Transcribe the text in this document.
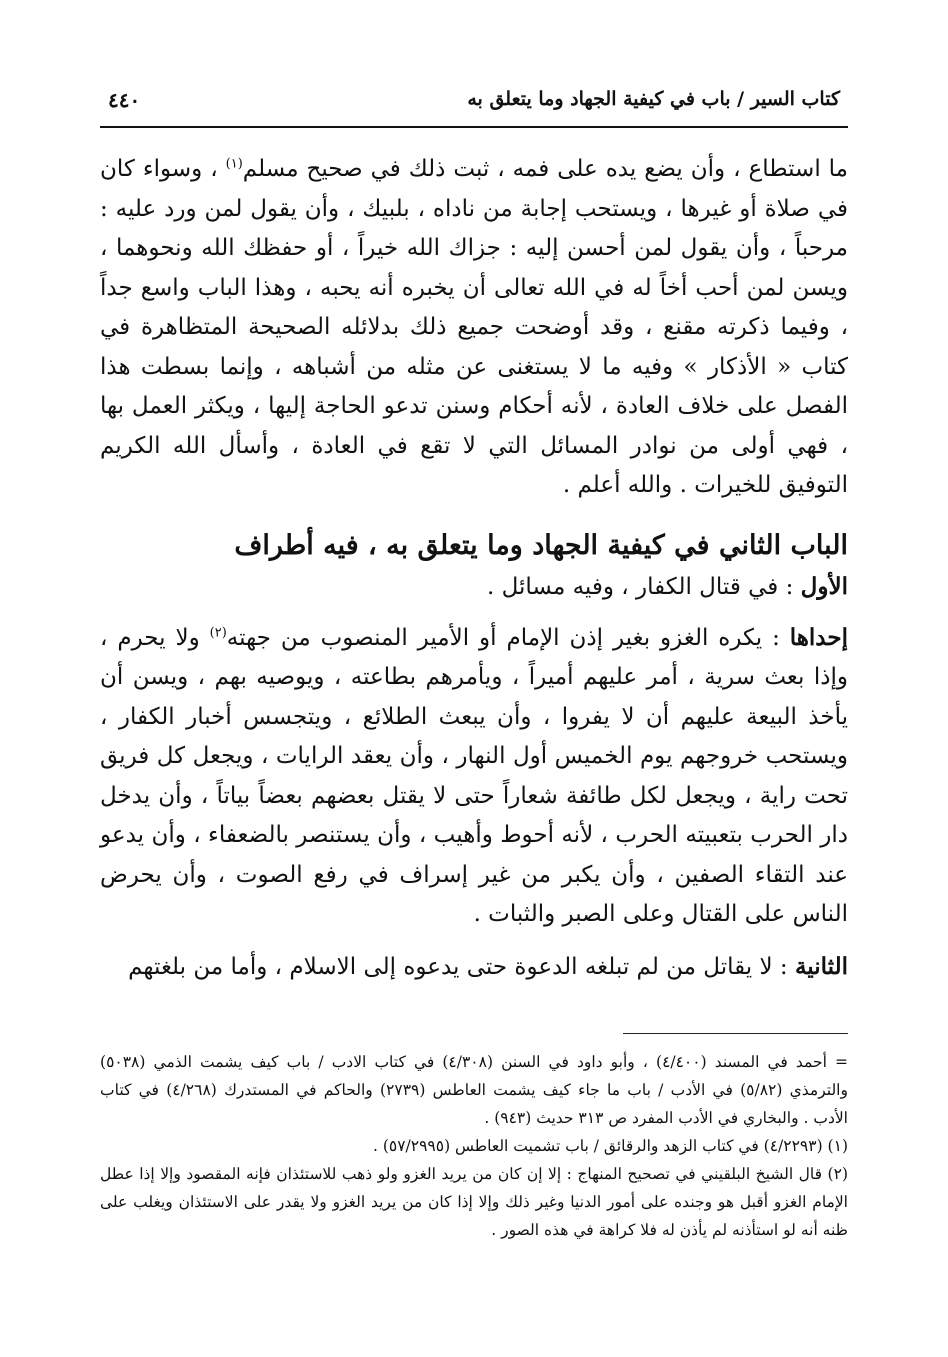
كتاب السير / باب في كيفية الجهاد وما يتعلق به
٤٤٠

ما استطاع ، وأن يضع يده على فمه ، ثبت ذلك في صحيح مسلم$^{(١)}$ ، وسواء كان في صلاة أو غيرها ، ويستحب إجابة من ناداه ، بلبيك ، وأن يقول لمن ورد عليه : مرحباً ، وأن يقول لمن أحسن إليه : جزاك الله خيراً ، أو حفظك الله ونحوهما ، ويسن لمن أحب أخاً له في الله تعالى أن يخبره أنه يحبه ، وهذا الباب واسع جداً ، وفيما ذكرته مقنع ، وقد أوضحت جميع ذلك بدلائله الصحيحة المتظاهرة في كتاب « الأذكار » وفيه ما لا يستغنى عن مثله من أشباهه ، وإنما بسطت هذا الفصل على خلاف العادة ، لأنه أحكام وسنن تدعو الحاجة إليها ، ويكثر العمل بها ، فهي أولى من نوادر المسائل التي لا تقع في العادة ، وأسأل الله الكريم التوفيق للخيرات . والله أعلم .

الباب الثاني في كيفية الجهاد وما يتعلق به ، فيه أطراف

الأول : في قتال الكفار ، وفيه مسائل .

إحداها : يكره الغزو بغير إذن الإمام أو الأمير المنصوب من جهته$^{(٢)}$ ولا يحرم ، وإذا بعث سرية ، أمر عليهم أميراً ، ويأمرهم بطاعته ، ويوصيه بهم ، ويسن أن يأخذ البيعة عليهم أن لا يفروا ، وأن يبعث الطلائع ، ويتجسس أخبار الكفار ، ويستحب خروجهم يوم الخميس أول النهار ، وأن يعقد الرايات ، ويجعل كل فريق تحت راية ، ويجعل لكل طائفة شعاراً حتى لا يقتل بعضهم بعضاً بياتاً ، وأن يدخل دار الحرب بتعبيته الحرب ، لأنه أحوط وأهيب ، وأن يستنصر بالضعفاء ، وأن يدعو عند التقاء الصفين ، وأن يكبر من غير إسراف في رفع الصوت ، وأن يحرض الناس على القتال وعلى الصبر والثبات .

الثانية : لا يقاتل من لم تبلغه الدعوة حتى يدعوه إلى الاسلام ، وأما من بلغتهم

= أحمد في المسند (٤/٤٠٠) ، وأبو داود في السنن (٤/٣٠٨) في كتاب الادب / باب كيف يشمت الذمي (٥٠٣٨) والترمذي (٥/٨٢) في الأدب / باب ما جاء كيف يشمت العاطس (٢٧٣٩) والحاكم في المستدرك (٤/٢٦٨) في كتاب الأدب . والبخاري في الأدب المفرد ص ٣١٣ حديث (٩٤٣) .

(١) (٤/٢٢٩٣) في كتاب الزهد والرقائق / باب تشميت العاطس (٥٧/٢٩٩٥) .

(٢) قال الشيخ البلقيني في تصحيح المنهاج : إلا إن كان من يريد الغزو ولو ذهب للاستئذان فإنه المقصود وإلا إذا عطل الإمام الغزو أقبل هو وجنده على أمور الدنيا وغير ذلك وإلا إذا كان من يريد الغزو ولا يقدر على الاستئذان ويغلب على ظنه أنه لو استأذنه لم يأذن له فلا كراهة في هذه الصور .
